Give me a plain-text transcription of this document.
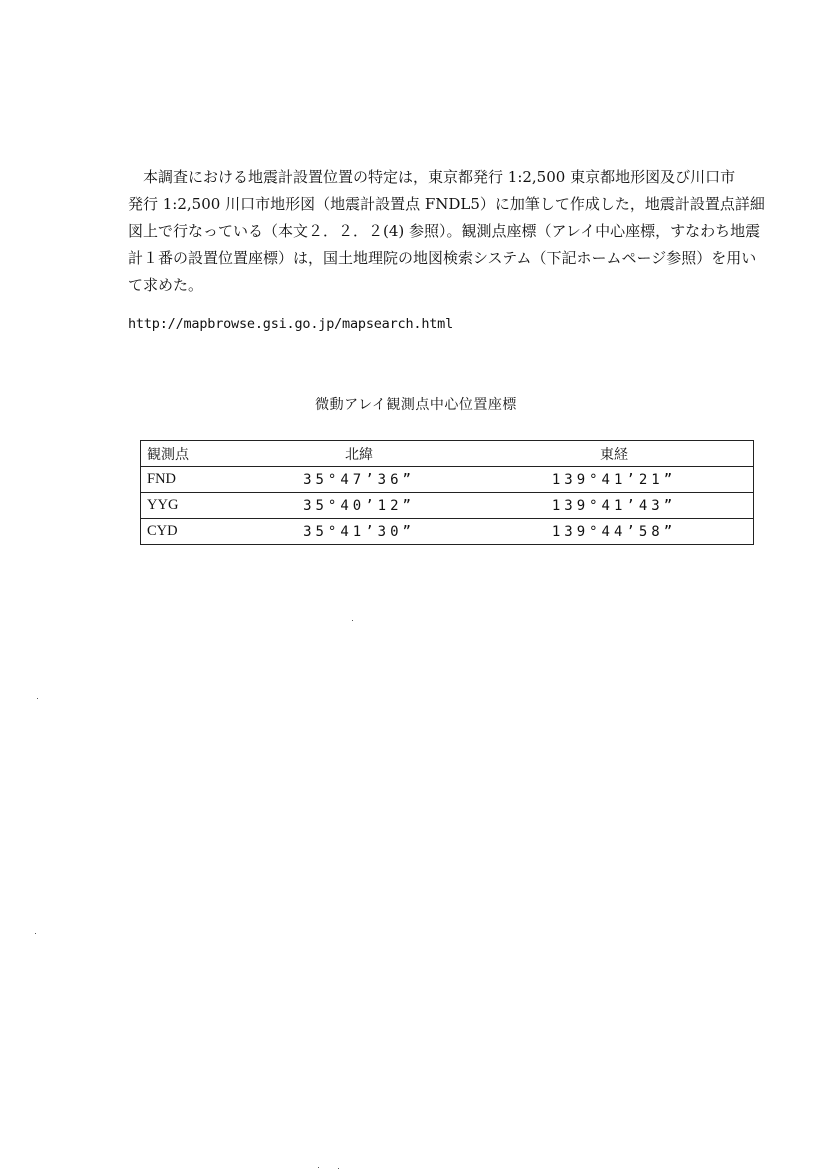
本調査における地震計設置位置の特定は，東京都発行 1:2,500 東京都地形図及び川口市
発行 1:2,500 川口市地形図（地震計設置点 FNDL5）に加筆して作成した，地震計設置点詳細
図上で行なっている（本文２．２．２(4) 参照）。観測点座標（アレイ中心座標，すなわち地震
計１番の設置位置座標）は，国土地理院の地図検索システム（下記ホームページ参照）を用い
て求めた。
http://mapbrowse.gsi.go.jp/mapsearch.html
微動アレイ観測点中心位置座標
観測点	北緯	東経
FND	35°47’36”	139°41’21”
YYG	35°40’12”	139°41’43”
CYD	35°41’30”	139°44’58”
